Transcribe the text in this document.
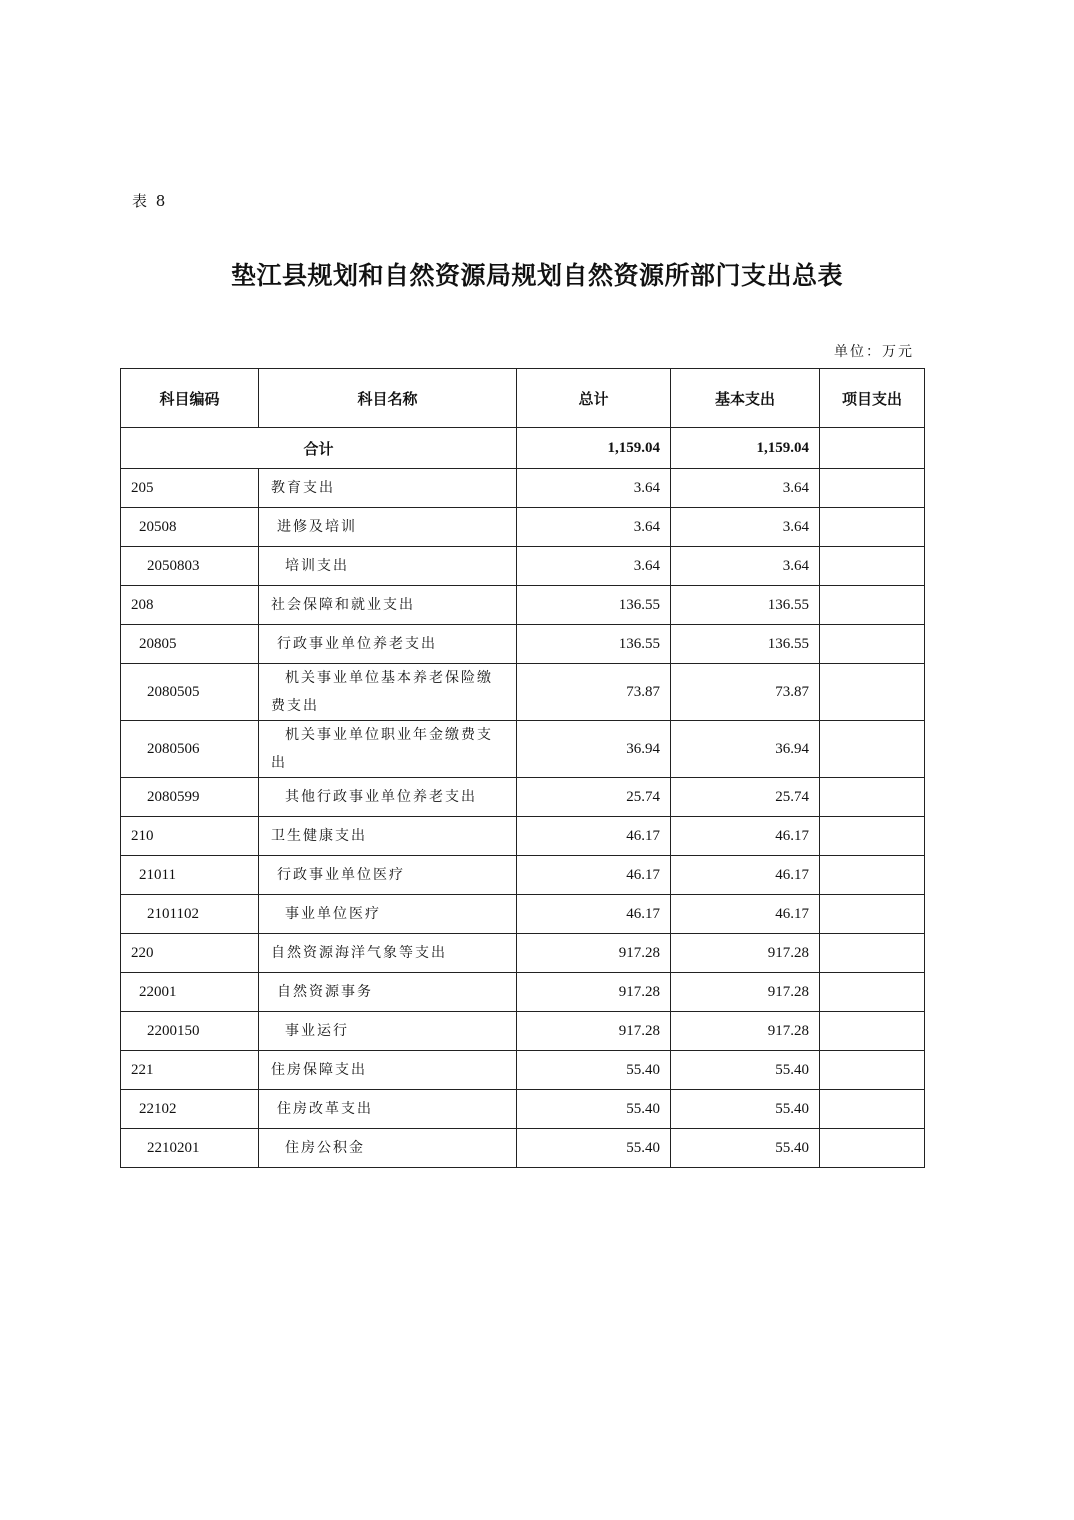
表 8
垫江县规划和自然资源局规划自然资源所部门支出总表
单位：万元
科目编码	科目名称	总计	基本支出	项目支出
合计		1,159.04	1,159.04	
205	教育支出	3.64	3.64	
20508	进修及培训	3.64	3.64	
2050803	培训支出	3.64	3.64	
208	社会保障和就业支出	136.55	136.55	
20805	行政事业单位养老支出	136.55	136.55	
2080505	机关事业单位基本养老保险缴费支出	73.87	73.87	
2080506	机关事业单位职业年金缴费支出	36.94	36.94	
2080599	其他行政事业单位养老支出	25.74	25.74	
210	卫生健康支出	46.17	46.17	
21011	行政事业单位医疗	46.17	46.17	
2101102	事业单位医疗	46.17	46.17	
220	自然资源海洋气象等支出	917.28	917.28	
22001	自然资源事务	917.28	917.28	
2200150	事业运行	917.28	917.28	
221	住房保障支出	55.40	55.40	
22102	住房改革支出	55.40	55.40	
2210201	住房公积金	55.40	55.40	
